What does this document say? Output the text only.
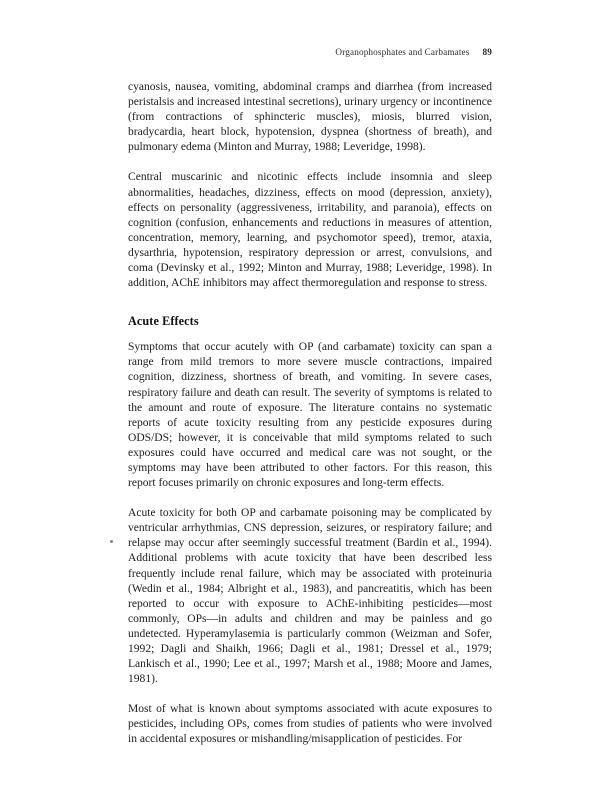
Organophosphates and Carbamates 89

cyanosis, nausea, vomiting, abdominal cramps and diarrhea (from increased peristalsis and increased intestinal secretions), urinary urgency or incontinence (from contractions of sphincteric muscles), miosis, blurred vision, bradycardia, heart block, hypotension, dyspnea (shortness of breath), and pulmonary edema (Minton and Murray, 1988; Leveridge, 1998).

Central muscarinic and nicotinic effects include insomnia and sleep abnormalities, headaches, dizziness, effects on mood (depression, anxiety), effects on personality (aggressiveness, irritability, and paranoia), effects on cognition (confusion, enhancements and reductions in measures of attention, concentration, memory, learning, and psychomotor speed), tremor, ataxia, dysarthria, hypotension, respiratory depression or arrest, convulsions, and coma (Devinsky et al., 1992; Minton and Murray, 1988; Leveridge, 1998). In addition, AChE inhibitors may affect thermoregulation and response to stress.

Acute Effects

Symptoms that occur acutely with OP (and carbamate) toxicity can span a range from mild tremors to more severe muscle contractions, impaired cognition, dizziness, shortness of breath, and vomiting. In severe cases, respiratory failure and death can result. The severity of symptoms is related to the amount and route of exposure. The literature contains no systematic reports of acute toxicity resulting from any pesticide exposures during ODS/DS; however, it is conceivable that mild symptoms related to such exposures could have occurred and medical care was not sought, or the symptoms may have been attributed to other factors. For this reason, this report focuses primarily on chronic exposures and long-term effects.

Acute toxicity for both OP and carbamate poisoning may be complicated by ventricular arrhythmias, CNS depression, seizures, or respiratory failure; and relapse may occur after seemingly successful treatment (Bardin et al., 1994). Additional problems with acute toxicity that have been described less frequently include renal failure, which may be associated with proteinuria (Wedin et al., 1984; Albright et al., 1983), and pancreatitis, which has been reported to occur with exposure to AChE-inhibiting pesticides—most commonly, OPs—in adults and children and may be painless and go undetected. Hyperamylasemia is particularly common (Weizman and Sofer, 1992; Dagli and Shaikh, 1966; Dagli et al., 1981; Dressel et al., 1979; Lankisch et al., 1990; Lee et al., 1997; Marsh et al., 1988; Moore and James, 1981).

Most of what is known about symptoms associated with acute exposures to pesticides, including OPs, comes from studies of patients who were involved in accidental exposures or mishandling/misapplication of pesticides. For
